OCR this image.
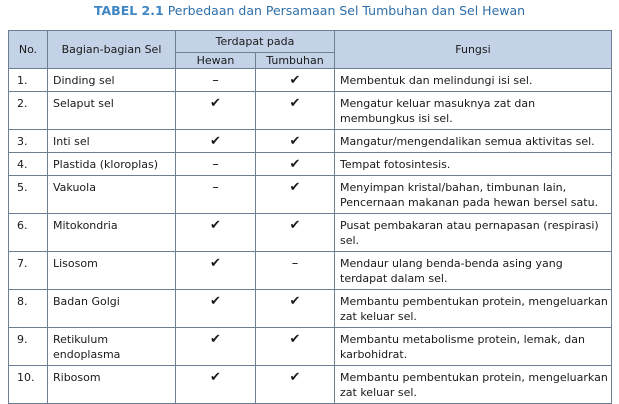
TABEL 2.1 Perbedaan dan Persamaan Sel Tumbuhan dan Sel Hewan
No.	Bagian-bagian Sel	Terdapat pada		Fungsi
		Hewan	Tumbuhan	
1.	Dinding sel	–	✔	Membentuk dan melindungi isi sel.
2.	Selaput sel	✔	✔	Mengatur keluar masuknya zat dan membungkus isi sel.
3.	Inti sel	✔	✔	Mangatur/mengendalikan semua aktivitas sel.
4.	Plastida (kloroplas)	–	✔	Tempat fotosintesis.
5.	Vakuola	–	✔	Menyimpan kristal/bahan, timbunan lain, Pencernaan makanan pada hewan bersel satu.
6.	Mitokondria	✔	✔	Pusat pembakaran atau pernapasan (respirasi) sel.
7.	Lisosom	✔	–	Mendaur ulang benda-benda asing yang terdapat dalam sel.
8.	Badan Golgi	✔	✔	Membantu pembentukan protein, mengeluarkan zat keluar sel.
9.	Retikulum endoplasma	✔	✔	Membantu metabolisme protein, lemak, dan karbohidrat.
10.	Ribosom	✔	✔	Membantu pembentukan protein, mengeluarkan zat keluar sel.
